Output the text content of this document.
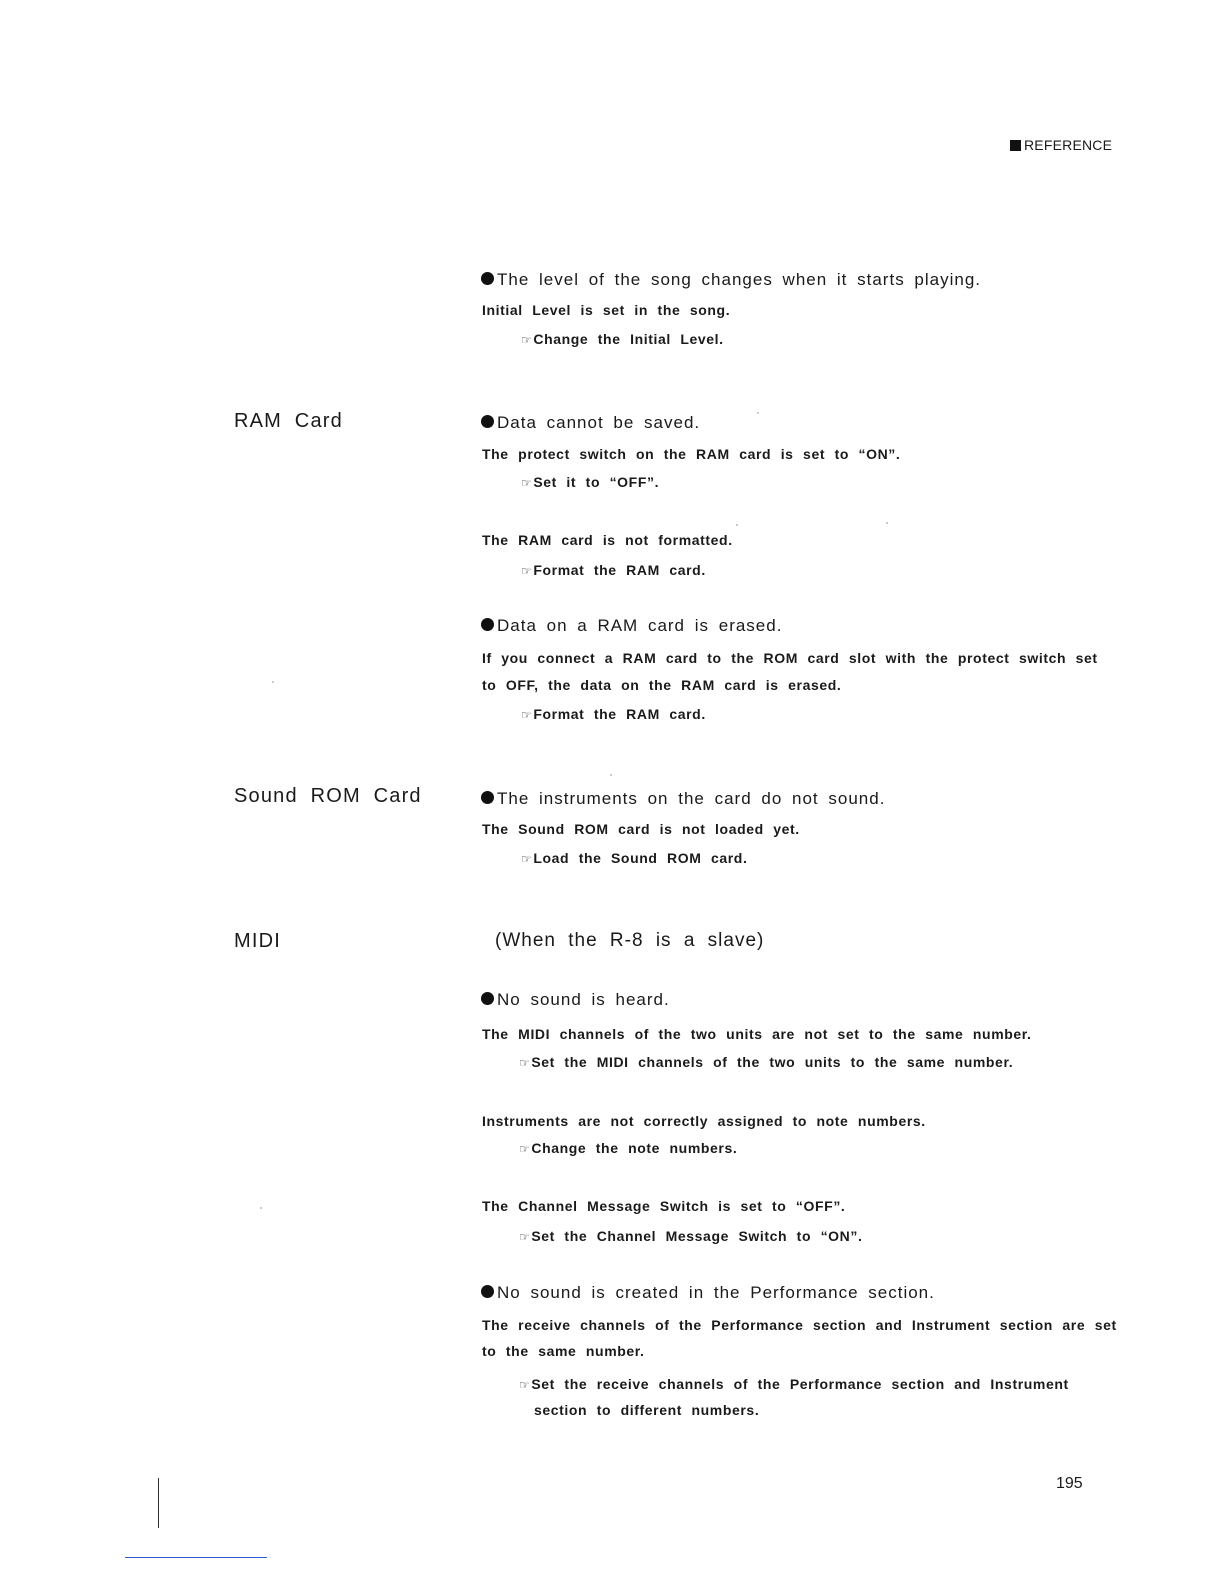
REFERENCE
The level of the song changes when it starts playing.
Initial Level is set in the song.
☞Change the Initial Level.
RAM Card	Data cannot be saved.
The protect switch on the RAM card is set to “ON”.
☞Set it to “OFF”.
The RAM card is not formatted.
☞Format the RAM card.
Data on a RAM card is erased.
If you connect a RAM card to the ROM card slot with the protect switch set
to OFF, the data on the RAM card is erased.
☞Format the RAM card.
Sound ROM Card	The instruments on the card do not sound.
The Sound ROM card is not loaded yet.
☞Load the Sound ROM card.
MIDI	(When the R-8 is a slave)
No sound is heard.
The MIDI channels of the two units are not set to the same number.
☞Set the MIDI channels of the two units to the same number.
Instruments are not correctly assigned to note numbers.
☞Change the note numbers.
The Channel Message Switch is set to “OFF”.
☞Set the Channel Message Switch to “ON”.
No sound is created in the Performance section.
The receive channels of the Performance section and Instrument section are set
to the same number.
☞Set the receive channels of the Performance section and Instrument
section to different numbers.
195
